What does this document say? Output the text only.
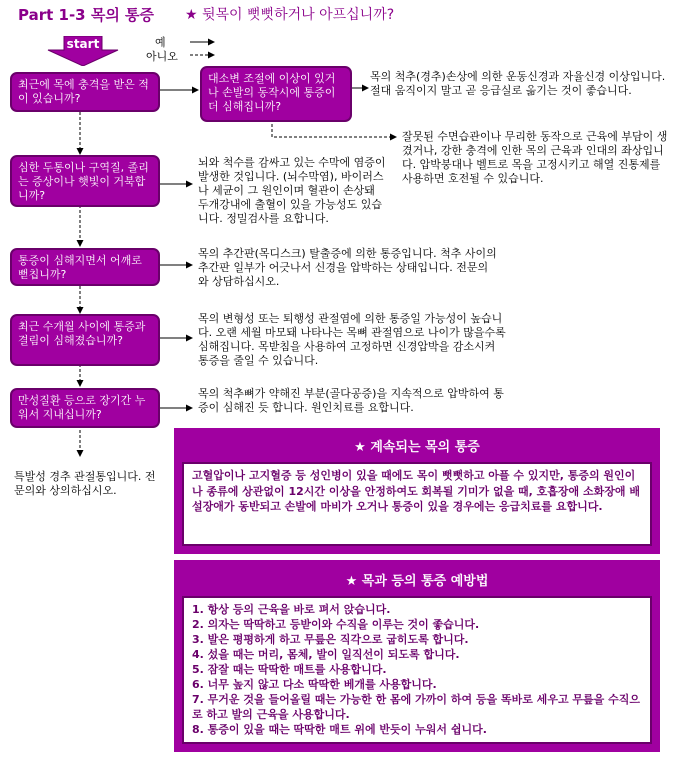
Part 1-3 목의 통증 ★ 뒷목이 뻣뻣하거나 아프십니까?
start	예
아니오
최근에 목에 충격을 받은 적이 있습니까?
심한 두통이나 구역질, 졸리는 증상이나 햇빛이 거북합니까?
통증이 심해지면서 어깨로 뻗칩니까?
최근 수개월 사이에 통증과 결림이 심해졌습니까?
만성질환 등으로 장기간 누워서 지내십니까?
대소변 조절에 이상이 있거나 손발의 동작시에 통증이 더 심해집니까?
목의 척추(경추)손상에 의한 운동신경과 자율신경 이상입니다. 절대 움직이지 말고 곧 응급실로 옮기는 것이 좋습니다.
잘못된 수면습관이나 무리한 동작으로 근육에 부담이 생겼거나, 강한 충격에 인한 목의 근육과 인대의 좌상입니다. 압박붕대나 벨트로 목을 고정시키고 해열 진통제를 사용하면 호전될 수 있습니다.
뇌와 척수를 감싸고 있는 수막에 염증이 발생한 것입니다. (뇌수막염), 바이러스나 세균이 그 원인이며 혈관이 손상돼 두개강내에 출혈이 있을 가능성도 있습니다. 정밀검사를 요합니다.
목의 추간판(목디스크) 탈출증에 의한 통증입니다. 척추 사이의 추간판 일부가 어긋나서 신경을 압박하는 상태입니다. 전문의와 상담하십시오.
목의 변형성 또는 퇴행성 관절염에 의한 통증일 가능성이 높습니다. 오랜 세월 마모돼 나타나는 목뼈 관절염으로 나이가 많을수록 심해집니다. 목받침을 사용하여 고정하면 신경압박을 감소시켜 통증을 줄일 수 있습니다.
목의 척추뼈가 약해진 부분(골다공증)을 지속적으로 압박하여 통증이 심해진 듯 합니다. 원인치료를 요합니다.
특발성 경추 관절통입니다. 전문의와 상의하십시오.
★ 계속되는 목의 통증
고혈압이나 고지혈증 등 성인병이 있을 때에도 목이 뻣뻣하고 아플 수 있지만, 통증의 원인이나 종류에 상관없이 12시간 이상을 안정하여도 회복될 기미가 없을 때, 호흡장애 소화장애 배설장애가 동반되고 손발에 마비가 오거나 통증이 있을 경우에는 응급치료를 요합니다.
★ 목과 등의 통증 예방법
1. 항상 등의 근육을 바로 펴서 앉습니다.
2. 의자는 딱딱하고 등받이와 수직을 이루는 것이 좋습니다.
3. 발은 평평하게 하고 무릎은 직각으로 굽히도록 합니다.
4. 섰을 때는 머리, 몸체, 발이 일직선이 되도록 합니다.
5. 잠잘 때는 딱딱한 매트를 사용합니다.
6. 너무 높지 않고 다소 딱딱한 베개를 사용합니다.
7. 무거운 것을 들어올릴 때는 가능한 한 몸에 가까이 하여 등을 똑바로 세우고 무릎을 수직으로 하고 발의 근육을 사용합니다.
8. 통증이 있을 때는 딱딱한 매트 위에 반듯이 누워서 쉽니다.
